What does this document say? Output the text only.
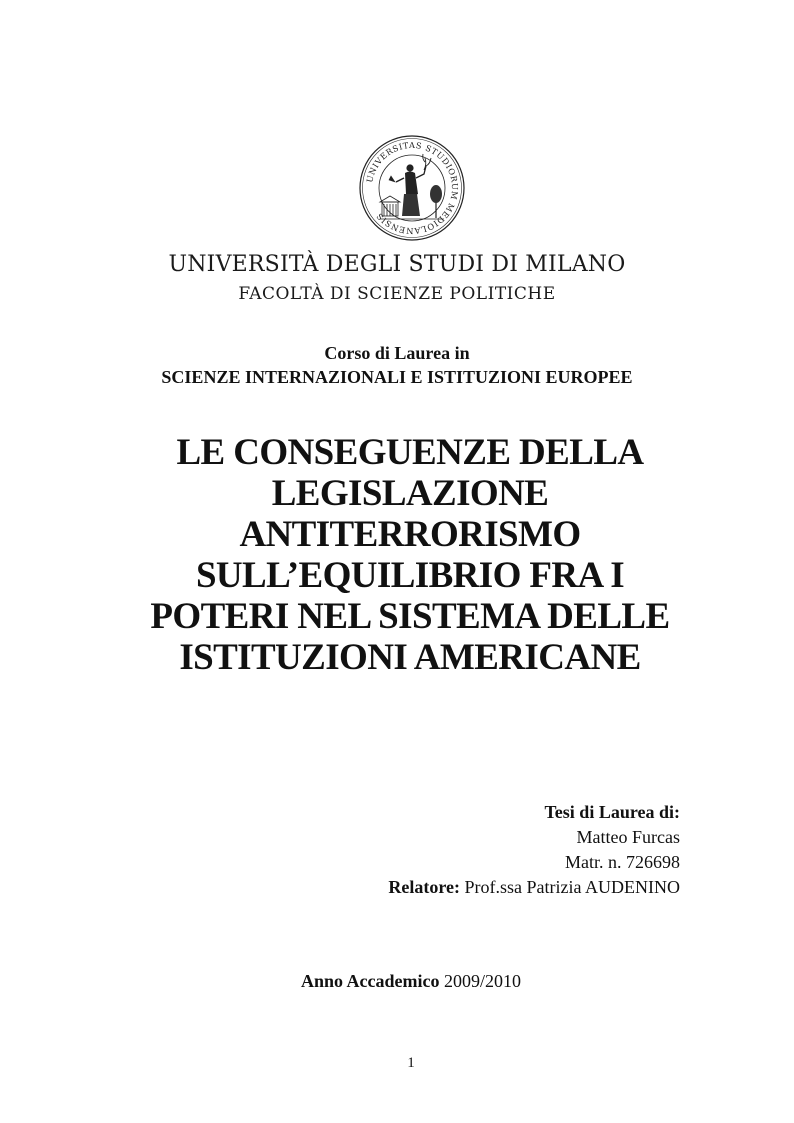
UNIVERSITAS STUDIORUM MEDIOLANENSIS
UNIVERSITÀ DEGLI STUDI DI MILANO
FACOLTÀ DI SCIENZE POLITICHE
Corso di Laurea in
SCIENZE INTERNAZIONALI E ISTITUZIONI EUROPEE
LE CONSEGUENZE DELLA
LEGISLAZIONE
ANTITERRORISMO
SULL’EQUILIBRIO FRA I
POTERI NEL SISTEMA DELLE
ISTITUZIONI AMERICANE
Tesi di Laurea di:
Matteo Furcas
Matr. n. 726698
Relatore: Prof.ssa Patrizia AUDENINO
Anno Accademico 2009/2010
1
